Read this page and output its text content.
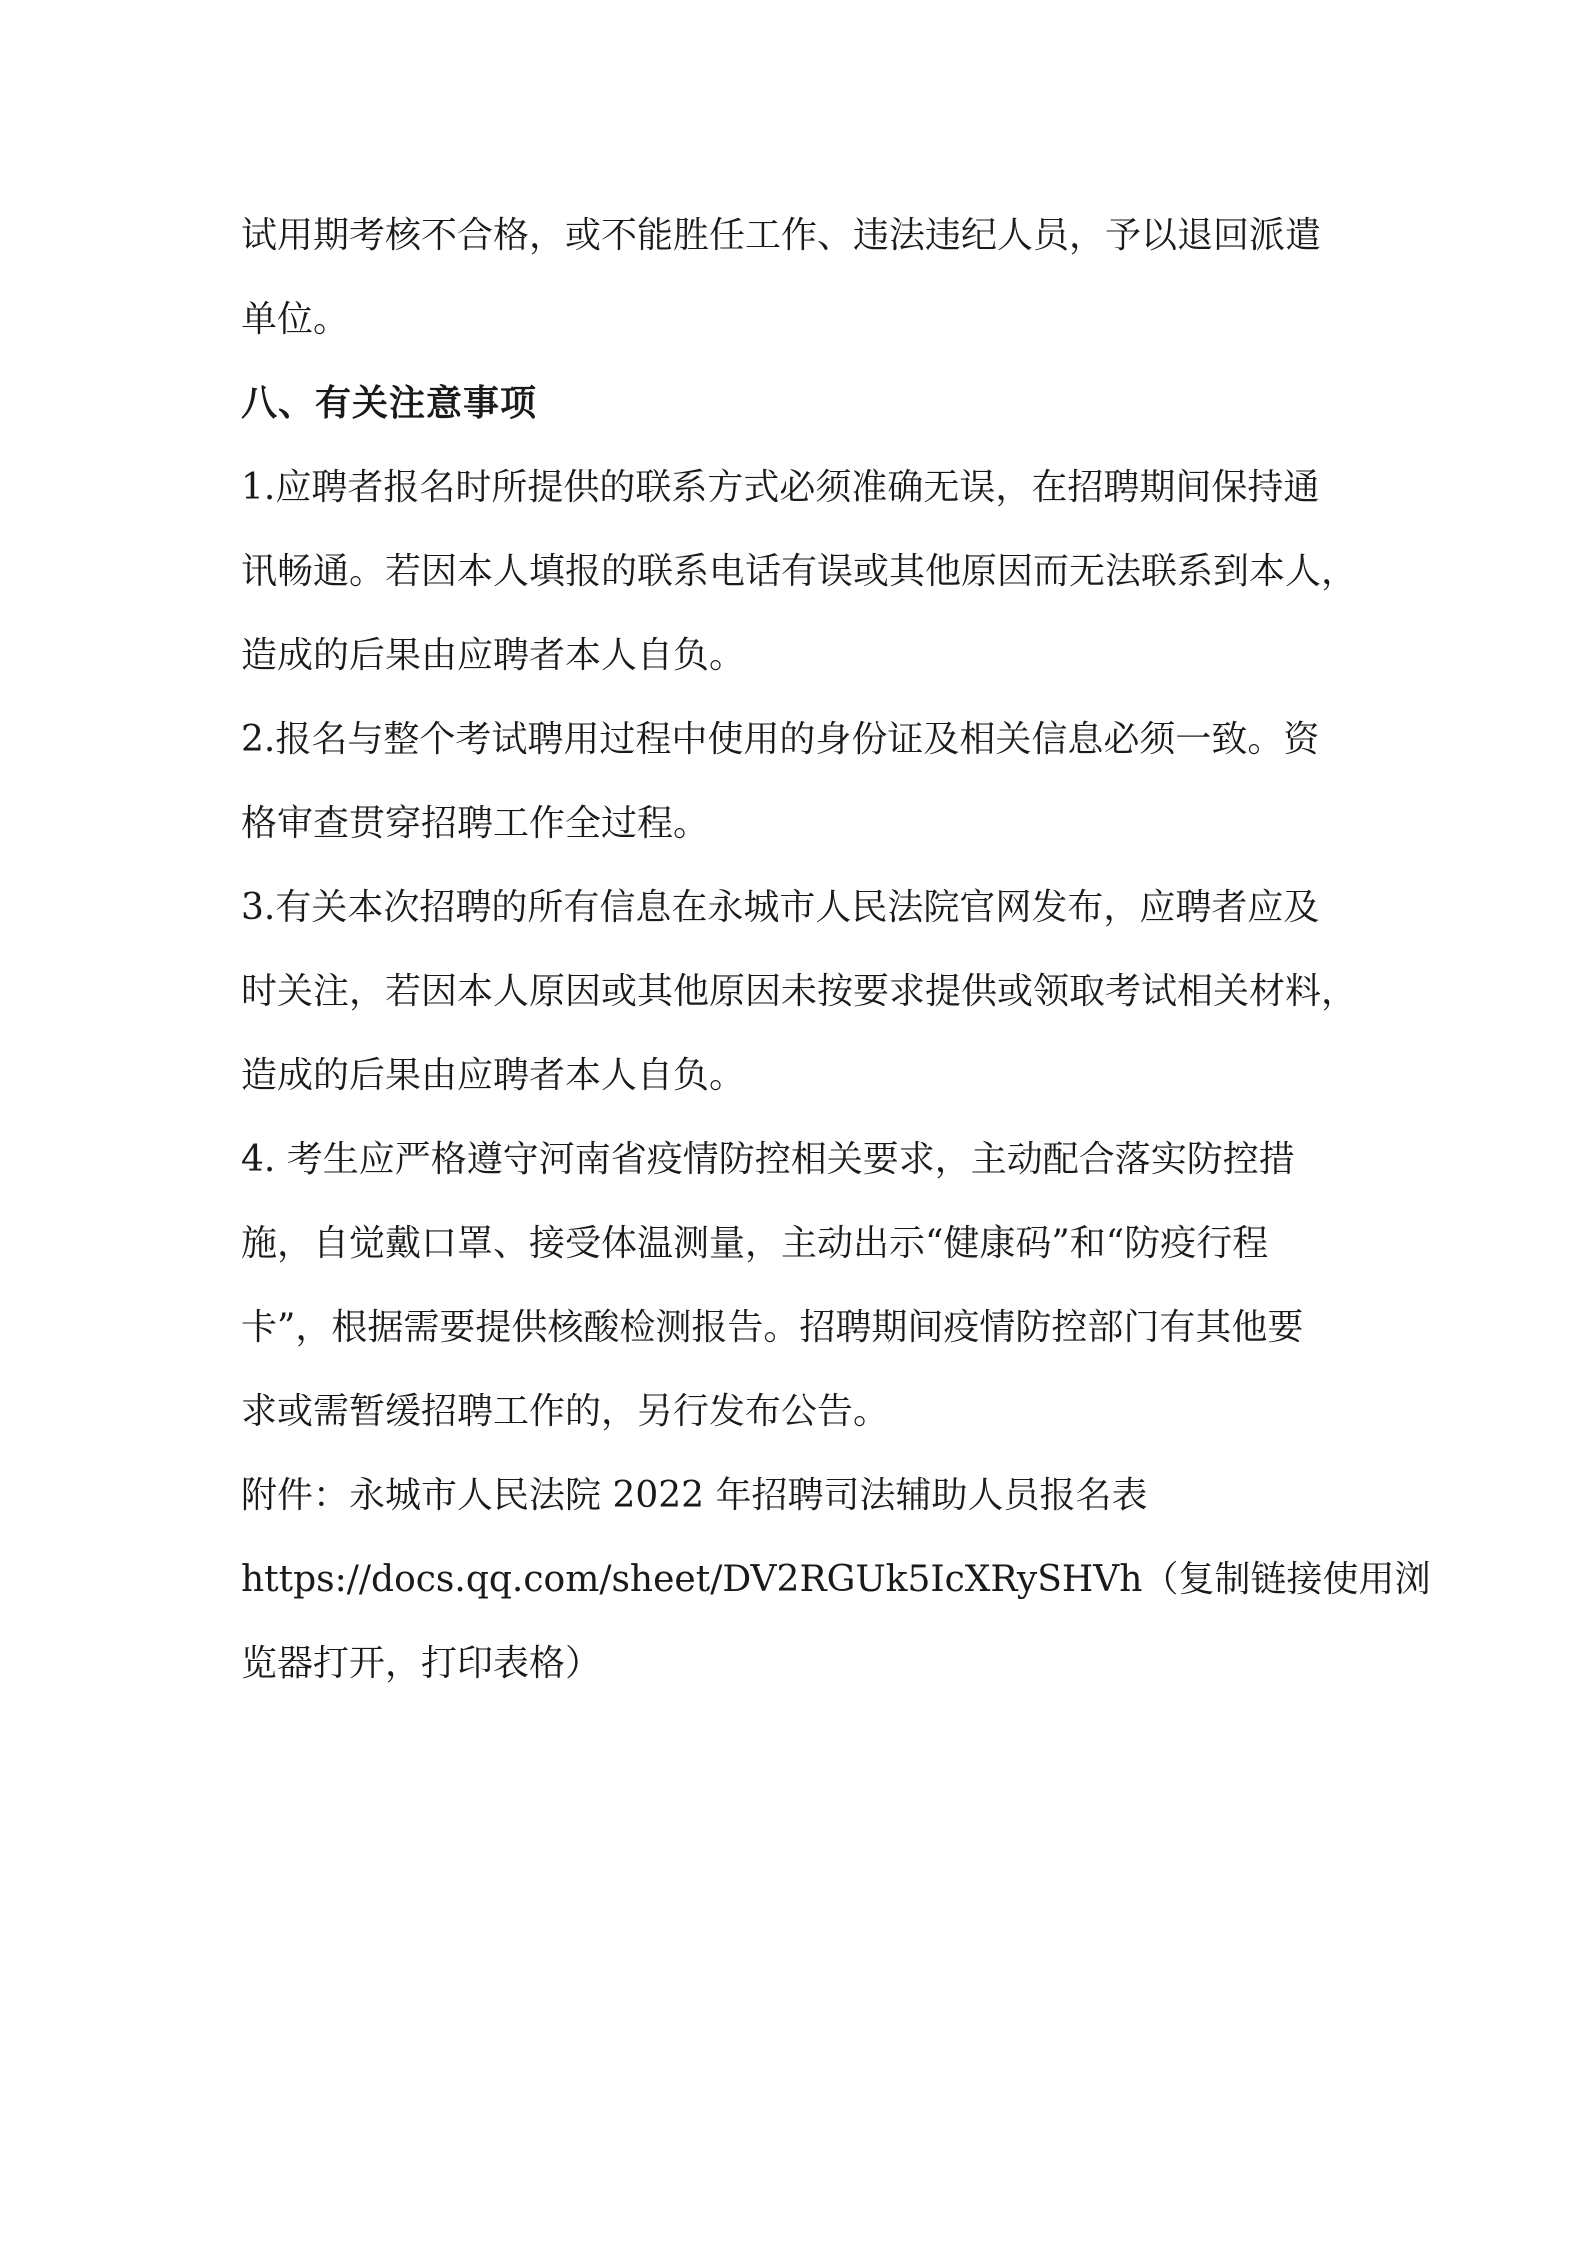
试用期考核不合格，或不能胜任工作、违法违纪人员，予以退回派遣
单位。
八、有关注意事项
1.应聘者报名时所提供的联系方式必须准确无误，在招聘期间保持通
讯畅通。若因本人填报的联系电话有误或其他原因而无法联系到本人，
造成的后果由应聘者本人自负。
2.报名与整个考试聘用过程中使用的身份证及相关信息必须一致。资
格审查贯穿招聘工作全过程。
3.有关本次招聘的所有信息在永城市人民法院官网发布，应聘者应及
时关注，若因本人原因或其他原因未按要求提供或领取考试相关材料，
造成的后果由应聘者本人自负。
4. 考生应严格遵守河南省疫情防控相关要求，主动配合落实防控措
施，自觉戴口罩、接受体温测量，主动出示“健康码”和“防疫行程
卡”，根据需要提供核酸检测报告。招聘期间疫情防控部门有其他要
求或需暂缓招聘工作的，另行发布公告。
附件：永城市人民法院 2022 年招聘司法辅助人员报名表
https://docs.qq.com/sheet/DV2RGUk5IcXRySHVh（复制链接使用浏
览器打开，打印表格）
